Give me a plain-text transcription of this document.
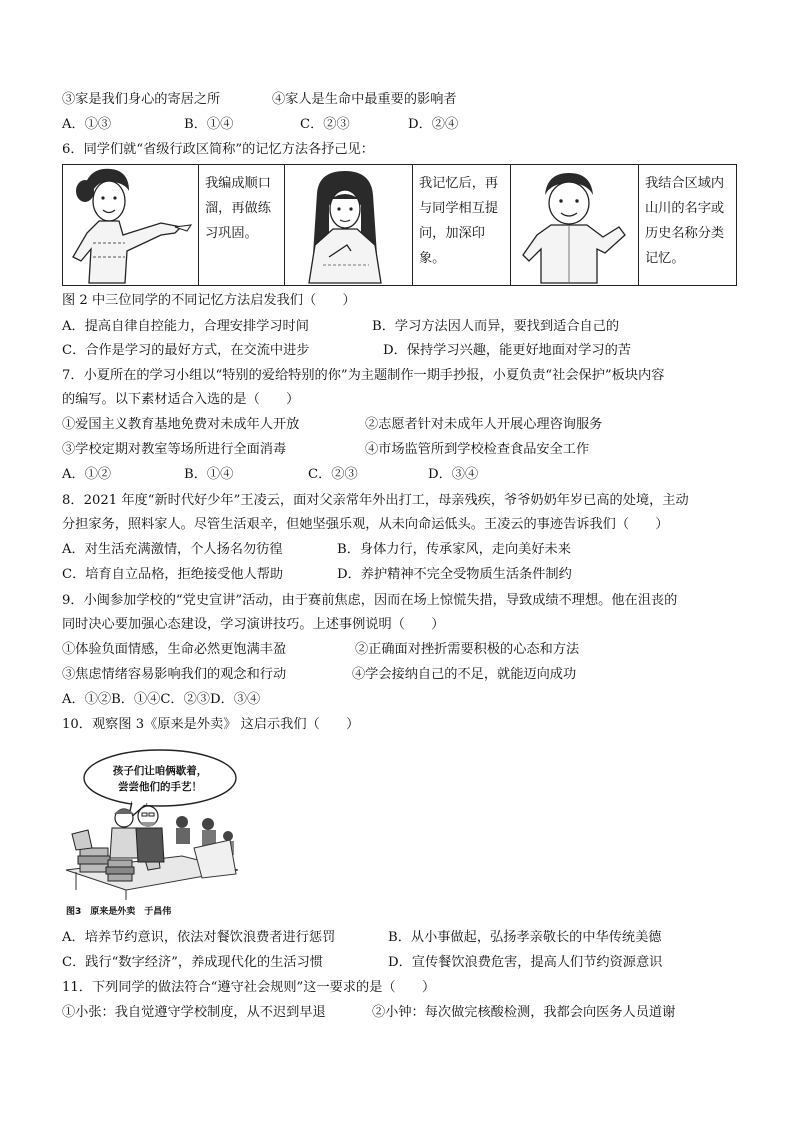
③家是我们身心的寄居之所	④家人是生命中最重要的影响者
A．①③	B．①④	C．②③	D．②④
6．同学们就“省级行政区简称”的记忆方法各抒己见：
我编成顺口溜，再做练习巩固。
我记忆后，再与同学相互提问，加深印象。
我结合区域内山川的名字或历史名称分类记忆。
图 2 中三位同学的不同记忆方法启发我们（　　）
A．提高自律自控能力，合理安排学习时间	B．学习方法因人而异，要找到适合自己的
C．合作是学习的最好方式，在交流中进步	D．保持学习兴趣，能更好地面对学习的苦
7．小夏所在的学习小组以“特别的爱给特别的你”为主题制作一期手抄报，小夏负责“社会保护”板块内容
的编写。以下素材适合入选的是（　　）
①爱国主义教育基地免费对未成年人开放	②志愿者针对未成年人开展心理咨询服务
③学校定期对教室等场所进行全面消毒	④市场监管所到学校检查食品安全工作
A．①②	B．①④	C．②③	D．③④
8．2021 年度“新时代好少年”王凌云，面对父亲常年外出打工，母亲残疾，爷爷奶奶年岁已高的处境，主动
分担家务，照料家人。尽管生活艰辛，但她坚强乐观，从未向命运低头。王凌云的事迹告诉我们（　　）
A．对生活充满激情，个人扬名勿彷徨	B．身体力行，传承家风，走向美好未来
C．培育自立品格，拒绝接受他人帮助	D．养护精神不完全受物质生活条件制约
9．小闽参加学校的“党史宣讲”活动，由于赛前焦虑，因而在场上惊慌失措，导致成绩不理想。他在沮丧的
同时决心要加强心态建设，学习演讲技巧。上述事例说明（　　）
①体验负面情感，生命必然更饱满丰盈	②正确面对挫折需要积极的心态和方法
③焦虑情绪容易影响我们的观念和行动	④学会接纳自己的不足，就能迈向成功
A．①②B．①④C．②③D．③④
10．观察图 3《原来是外卖》 这启示我们（　　）
孩子们让咱俩歇着，
尝尝他们的手艺！
图3　原来是外卖　于昌伟
A．培养节约意识，依法对餐饮浪费者进行惩罚	B．从小事做起，弘扬孝亲敬长的中华传统美德
C．践行“数字经济”，养成现代化的生活习惯	D．宣传餐饮浪费危害，提高人们节约资源意识
11．下列同学的做法符合“遵守社会规则”这一要求的是（　　）
①小张：我自觉遵守学校制度，从不迟到早退	②小钟：每次做完核酸检测，我都会向医务人员道谢
